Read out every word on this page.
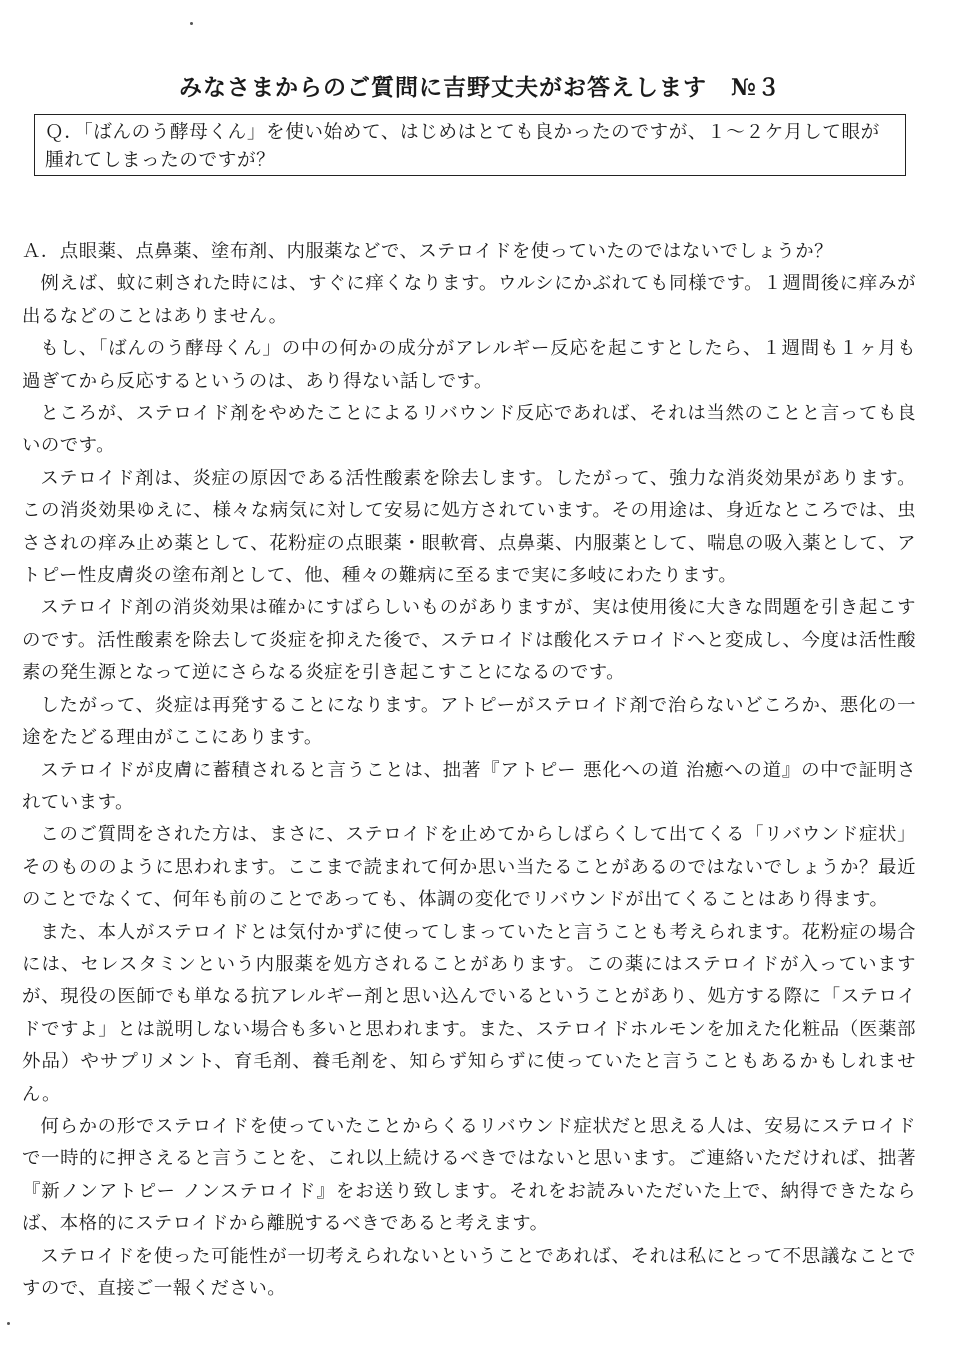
みなさまからのご質問に吉野丈夫がお答えします　№３

Ｑ．「ばんのう酵母くん」を使い始めて、はじめはとても良かったのですが、１～２ケ月して眼が腫れてしまったのですが？

Ａ．点眼薬、点鼻薬、塗布剤、内服薬などで、ステロイドを使っていたのではないでしょうか？

例えば、蚊に刺された時には、すぐに痒くなります。ウルシにかぶれても同様です。１週間後に痒みが出るなどのことはありません。

もし、「ばんのう酵母くん」の中の何かの成分がアレルギー反応を起こすとしたら、１週間も１ヶ月も過ぎてから反応するというのは、あり得ない話しです。

ところが、ステロイド剤をやめたことによるリバウンド反応であれば、それは当然のことと言っても良いのです。

ステロイド剤は、炎症の原因である活性酸素を除去します。したがって、強力な消炎効果があります。この消炎効果ゆえに、様々な病気に対して安易に処方されています。その用途は、身近なところでは、虫さされの痒み止め薬として、花粉症の点眼薬・眼軟膏、点鼻薬、内服薬として、喘息の吸入薬として、アトピー性皮膚炎の塗布剤として、他、種々の難病に至るまで実に多岐にわたります。

ステロイド剤の消炎効果は確かにすばらしいものがありますが、実は使用後に大きな問題を引き起こすのです。活性酸素を除去して炎症を抑えた後で、ステロイドは酸化ステロイドへと変成し、今度は活性酸素の発生源となって逆にさらなる炎症を引き起こすことになるのです。

したがって、炎症は再発することになります。アトピーがステロイド剤で治らないどころか、悪化の一途をたどる理由がここにあります。

ステロイドが皮膚に蓄積されると言うことは、拙著『アトピー 悪化への道 治癒への道』の中で証明されています。

このご質問をされた方は、まさに、ステロイドを止めてからしばらくして出てくる「リバウンド症状」そのもののように思われます。ここまで読まれて何か思い当たることがあるのではないでしょうか？最近のことでなくて、何年も前のことであっても、体調の変化でリバウンドが出てくることはあり得ます。

また、本人がステロイドとは気付かずに使ってしまっていたと言うことも考えられます。花粉症の場合には、セレスタミンという内服薬を処方されることがあります。この薬にはステロイドが入っていますが、現役の医師でも単なる抗アレルギー剤と思い込んでいるということがあり、処方する際に「ステロイドですよ」とは説明しない場合も多いと思われます。また、ステロイドホルモンを加えた化粧品（医薬部外品）やサプリメント、育毛剤、養毛剤を、知らず知らずに使っていたと言うこともあるかもしれません。

何らかの形でステロイドを使っていたことからくるリバウンド症状だと思える人は、安易にステロイドで一時的に押さえると言うことを、これ以上続けるべきではないと思います。ご連絡いただければ、拙著『新ノンアトピー ノンステロイド』をお送り致します。それをお読みいただいた上で、納得できたならば、本格的にステロイドから離脱するべきであると考えます。

ステロイドを使った可能性が一切考えられないということであれば、それは私にとって不思議なことですので、直接ご一報ください。
